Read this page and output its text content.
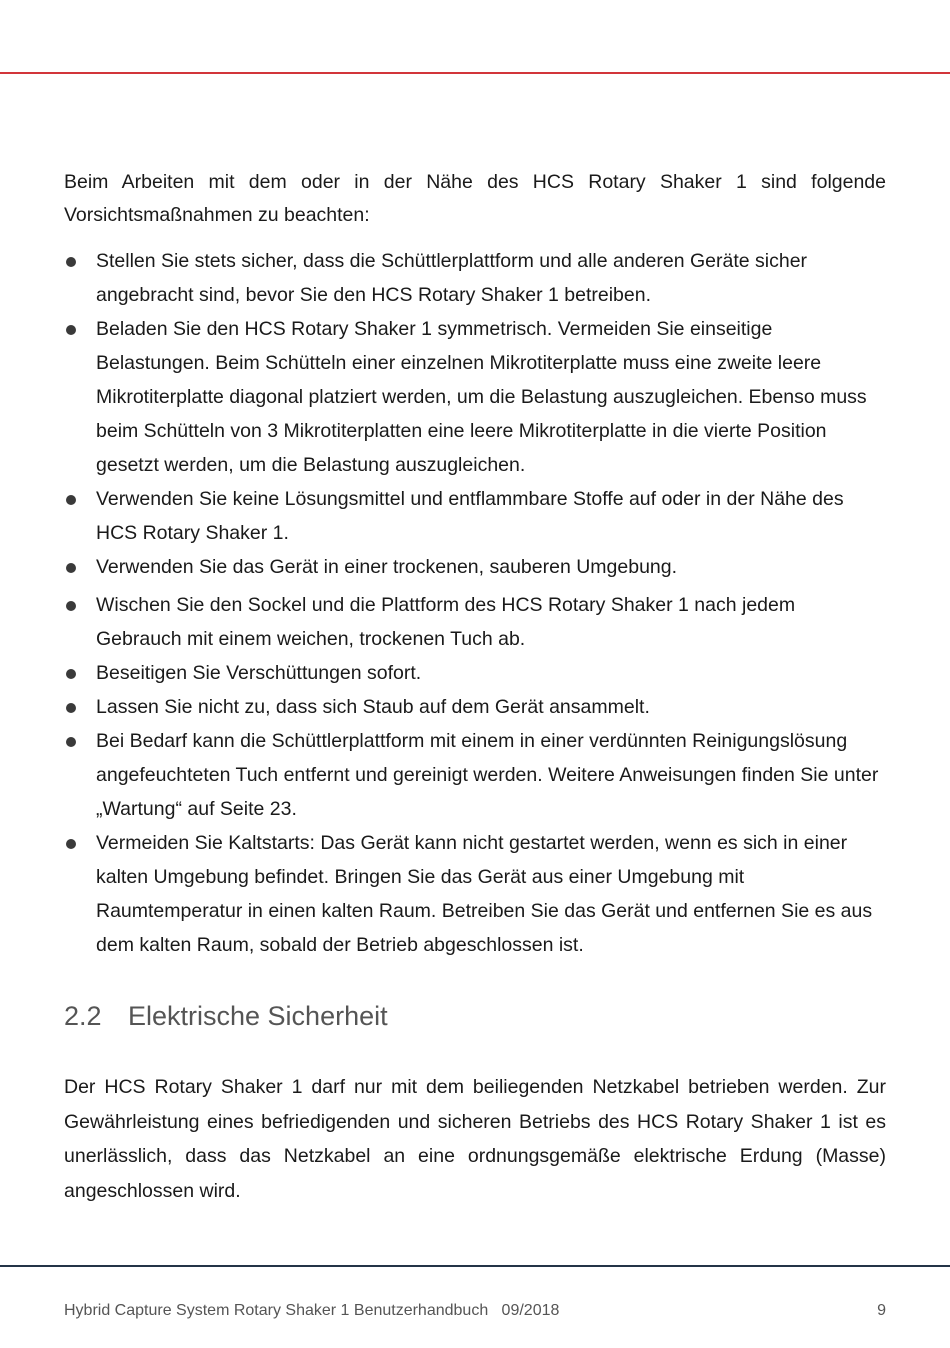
Beim Arbeiten mit dem oder in der Nähe des HCS Rotary Shaker 1 sind folgende Vorsichtsmaßnahmen zu beachten:

Stellen Sie stets sicher, dass die Schüttlerplattform und alle anderen Geräte sicher angebracht sind, bevor Sie den HCS Rotary Shaker 1 betreiben.
Beladen Sie den HCS Rotary Shaker 1 symmetrisch. Vermeiden Sie einseitige Belastungen. Beim Schütteln einer einzelnen Mikrotiterplatte muss eine zweite leere Mikrotiterplatte diagonal platziert werden, um die Belastung auszugleichen. Ebenso muss beim Schütteln von 3 Mikrotiterplatten eine leere Mikrotiterplatte in die vierte Position gesetzt werden, um die Belastung auszugleichen.
Verwenden Sie keine Lösungsmittel und entflammbare Stoffe auf oder in der Nähe des HCS Rotary Shaker 1.
Verwenden Sie das Gerät in einer trockenen, sauberen Umgebung.
Wischen Sie den Sockel und die Plattform des HCS Rotary Shaker 1 nach jedem Gebrauch mit einem weichen, trockenen Tuch ab.
Beseitigen Sie Verschüttungen sofort.
Lassen Sie nicht zu, dass sich Staub auf dem Gerät ansammelt.
Bei Bedarf kann die Schüttlerplattform mit einem in einer verdünnten Reinigungslösung angefeuchteten Tuch entfernt und gereinigt werden. Weitere Anweisungen finden Sie unter „Wartung“ auf Seite 23.
Vermeiden Sie Kaltstarts: Das Gerät kann nicht gestartet werden, wenn es sich in einer kalten Umgebung befindet. Bringen Sie das Gerät aus einer Umgebung mit Raumtemperatur in einen kalten Raum. Betreiben Sie das Gerät und entfernen Sie es aus dem kalten Raum, sobald der Betrieb abgeschlossen ist.
2.2 Elektrische Sicherheit

Der HCS Rotary Shaker 1 darf nur mit dem beiliegenden Netzkabel betrieben werden. Zur Gewährleistung eines befriedigenden und sicheren Betriebs des HCS Rotary Shaker 1 ist es unerlässlich, dass das Netzkabel an eine ordnungsgemäße elektrische Erdung (Masse) angeschlossen wird.

Hybrid Capture System Rotary Shaker 1 Benutzerhandbuch   09/2018	9
